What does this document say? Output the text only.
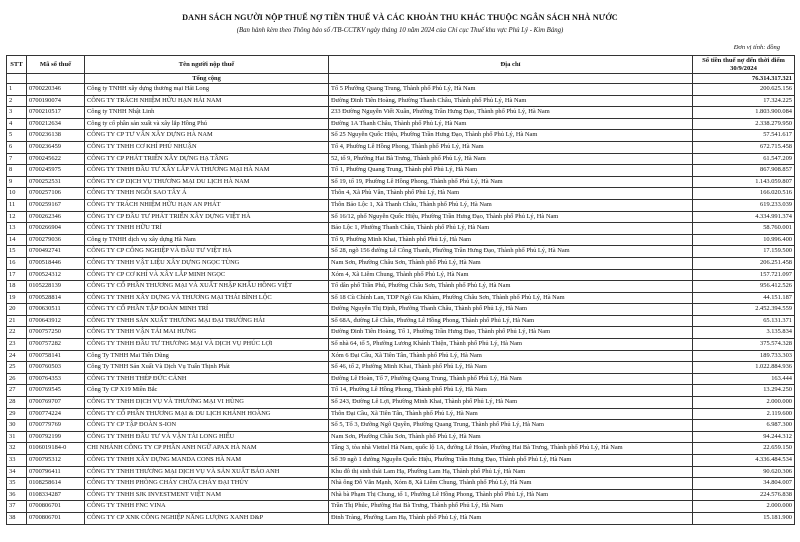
DANH SÁCH NGƯỜI NỘP THUẾ NỢ TIỀN THUẾ VÀ CÁC KHOẢN THU KHÁC THUỘC NGÂN SÁCH NHÀ NƯỚC
(Ban hành kèm theo Thông báo số /TB-CCTKV ngày tháng 10 năm 2024 của Chi cục Thuế khu vực Phủ Lý - Kim Bảng)
Đơn vị tính: đồng
STT	Mã số thuế	Tên người nộp thuế	Địa chỉ	Số tiền thuế nợ đến thời điểm 30/9/2024
		Tổng cộng		76.314.317.321
1	0700220346	Công ty TNHH xây dựng thương mại Hải Long	Tổ 5 Phường Quang Trung, Thành phố Phủ Lý, Hà Nam	200.625.156
2	0700190074	CÔNG TY TRÁCH NHIỆM HỮU HẠN HẢI NAM	Đường Đinh Tiên Hoàng, Phường Thanh Châu, Thành phố Phủ Lý, Hà Nam	17.324.225
3	0700210517	Công ty TNHH Nhật Linh	233 Đường Nguyễn Viết Xuân, Phường Trần Hưng Đạo, Thành phố Phủ Lý, Hà Nam	1.803.900.084
4	0700212634	Công ty cổ phần sản xuất và xây lắp Hồng Phú	Đường 1A Thanh Châu, Thành phố Phủ Lý, Hà Nam	2.338.279.950
5	0700236138	CÔNG TY CP TƯ VẤN XÂY DỰNG HÀ NAM	Số 25 Nguyễn Quốc Hiệu, Phường Trần Hưng Đạo, Thành phố Phủ Lý, Hà Nam	57.541.617
6	0700236459	CÔNG TY TNHH CƠ KHÍ PHÚ NHUẬN	Tổ 4, Phường Lê Hồng Phong, Thành phố Phủ Lý, Hà Nam	672.715.458
7	0700245622	CÔNG TY CP PHÁT TRIỂN XÂY DỰNG HẠ TẦNG	52, tổ 9, Phường Hai Bà Trưng, Thành phố Phủ Lý, Hà Nam	61.547.209
8	0700245975	CÔNG TY TNHH ĐẦU TƯ XÂY LẮP VÀ THƯƠNG MẠI HÀ NAM	Tổ 1, Phường Quang Trung, Thành phố Phủ Lý, Hà Nam	867.908.857
9	0700252531	CÔNG TY CP DỊCH VỤ THƯƠNG MẠI DU LỊCH HÀ NAM	Số 19, tổ 19, Phường Lê Hồng Phong, Thành phố Phủ Lý, Hà Nam	1.143.059.807
10	0700257106	CÔNG TY TNHH NGÔI SAO TÂY Á	Thôn 4, Xã Phù Vân, Thành phố Phủ Lý, Hà Nam	166.020.516
11	0700259167	CÔNG TY TRÁCH NHIỆM HỮU HẠN AN PHÁT	Thôn Bảo Lộc 1, Xã Thanh Châu, Thành phố Phủ Lý, Hà Nam	619.233.039
12	0700262346	CÔNG TY CP ĐẦU TƯ PHÁT TRIỂN XÂY DỰNG VIỆT HÀ	Số 16/12, phố Nguyễn Quốc Hiệu, Phường Trần Hưng Đạo, Thành phố Phủ Lý, Hà Nam	4.334.991.374
13	0700266904	CÔNG TY TNHH HỮU TRÍ	Bảo Lộc 1, Phường Thanh Châu, Thành phố Phủ Lý, Hà Nam	58.760.001
14	0700279036	Công ty TNHH dịch vụ xây dựng Hà Nam	Tổ 9, Phường Minh Khai, Thành phố Phủ Lý, Hà Nam	10.996.400
15	0700492741	CÔNG TY CP CÔNG NGHIỆP VÀ ĐẦU TƯ VIỆT HÀ	Số 28, ngõ 156 đường Lê Công Thanh, Phường Trần Hưng Đạo, Thành phố Phủ Lý, Hà Nam	17.159.500
16	0700518446	CÔNG TY TNHH VẬT LIỆU XÂY DỰNG NGỌC TÙNG	Nam Sơn, Phường Châu Sơn, Thành phố Phủ Lý, Hà Nam	206.251.458
17	0700524312	CÔNG TY CP CƠ KHÍ VÀ XÂY LẮP MINH NGỌC	Xóm 4, Xã Liêm Chung, Thành phố Phủ Lý, Hà Nam	157.721.097
18	0105228139	CÔNG TY CỔ PHẦN THƯƠNG MẠI VÀ XUẤT NHẬP KHẨU HỒNG VIỆT	Tổ dân phố Trần Phú, Phường Châu Sơn, Thành phố Phủ Lý, Hà Nam	956.412.526
19	0700528814	CÔNG TY TNHH XÂY DỰNG VÀ THƯƠNG MẠI THÁI BÌNH LỘC	Số 18 Cù Chính Lan, TDP Ngô Gia Khảm, Phường Châu Sơn, Thành phố Phủ Lý, Hà Nam	44.151.187
20	0700630511	CÔNG TY CỔ PHẦN TẬP ĐOÀN MINH TRÍ	Đường Nguyễn Thị Định, Phường Thanh Châu, Thành phố Phủ Lý, Hà Nam	2.452.394.559
21	0700643912	CÔNG TY TNHH SẢN XUẤT THƯƠNG MẠI ĐẠI TRƯỜNG HẢI	Số 68A, đường Lê Chân, Phường Lê Hồng Phong, Thành phố Phủ Lý, Hà Nam	65.131.371
22	0700757250	CÔNG TY TNHH VẬN TẢI MAI HƯNG	Đường Đinh Tiên Hoàng, Tổ 1, Phường Trần Hưng Đạo, Thành phố Phủ Lý, Hà Nam	3.135.834
23	0700757282	CÔNG TY TNHH ĐẦU TƯ THƯƠNG MẠI VÀ DỊCH VỤ PHÚC LỢI	Số nhà 64, tổ 5, Phường Lương Khánh Thiện, Thành phố Phủ Lý, Hà Nam	375.574.328
24	0700758141	Công Ty TNHH Mai Tiến Dũng	Xóm 6 Đại Cầu, Xã Tiên Tân, Thành phố Phủ Lý, Hà Nam	189.733.303
25	0700760503	Công Ty TNHH Sản Xuất Và Dịch Vụ Tuấn Thịnh Phát	Số 46, tổ 2, Phường Minh Khai, Thành phố Phủ Lý, Hà Nam	1.022.884.936
26	0700764353	CÔNG TY TNHH THÉP ĐỨC CẢNH	Đường Lê Hoàn, Tổ 7, Phường Quang Trung, Thành phố Phủ Lý, Hà Nam	163.444
27	0700769545	Công Ty CP X19 Miền Bắc	Tổ 14, Phường Lê Hồng Phong, Thành phố Phủ Lý, Hà Nam	13.294.250
28	0700769707	CÔNG TY TNHH DỊCH VỤ VÀ THƯƠNG MẠI VI HÙNG	Số 243, Đường Lê Lợi, Phường Minh Khai, Thành phố Phủ Lý, Hà Nam	2.000.000
29	0700774224	CÔNG TY CỔ PHẦN THƯƠNG MẠI & DU LỊCH KHÁNH HOÀNG	Thôn Đại Cầu, Xã Tiên Tân, Thành phố Phủ Lý, Hà Nam	2.119.600
30	0700779769	CÔNG TY CP TẬP ĐOÀN S-ION	Số 5, Tổ 3, Đường Ngô Quyền, Phường Quang Trung, Thành phố Phủ Lý, Hà Nam	6.987.300
31	0700792199	CÔNG TY TNHH ĐẦU TƯ VÀ VẬN TẢI LONG HIẾU	Nam Sơn, Phường Châu Sơn, Thành phố Phủ Lý, Hà Nam	94.244.312
32	0106019184-0	CHI NHÁNH CÔNG TY CP PHẦN ANH NGỮ APAX HÀ NAM	Tầng 3, tòa nhà Viettel Hà Nam, quốc lộ 1A, đường Lê Hoàn, Phường Hai Bà Trưng, Thành phố Phủ Lý, Hà Nam	22.659.150
33	0700795312	CÔNG TY TNHH XÂY DỰNG MANDA CONS HÀ NAM	Số 39 ngõ 1 đường Nguyễn Quốc Hiệu, Phường Trần Hưng Đạo, Thành phố Phủ Lý, Hà Nam	4.336.484.534
34	0700796411	CÔNG TY TNHH THƯƠNG MẠI DỊCH VỤ VÀ SẢN XUẤT BẢO ANH	Khu đô thị sinh thái Lam Hạ, Phường Lam Hạ, Thành phố Phủ Lý, Hà Nam	90.620.306
35	0108258614	CÔNG TY TNHH PHÒNG CHÁY CHỮA CHÁY ĐẠI THỦY	Nhà ông Đỗ Văn Mạnh, Xóm 8, Xã Liêm Chung, Thành phố Phủ Lý, Hà Nam	34.804.007
36	0108334287	CÔNG TY TNHH SJK INVESTMENT VIỆT NAM	Nhà bà Phạm Thị Chung, tổ 1, Phường Lê Hồng Phong, Thành phố Phủ Lý, Hà Nam	224.576.838
37	0700806701	CÔNG TY TNHH FNC VINA	Trần Thị Phúc, Phường Hai Bà Trưng, Thành phố Phủ Lý, Hà Nam	2.000.000
38	0700806701	CÔNG TY CP XNK CÔNG NGHIỆP NĂNG LƯỢNG XANH D&P	Đinh Tràng, Phường Lam Hạ, Thành phố Phủ Lý, Hà Nam	15.181.900
